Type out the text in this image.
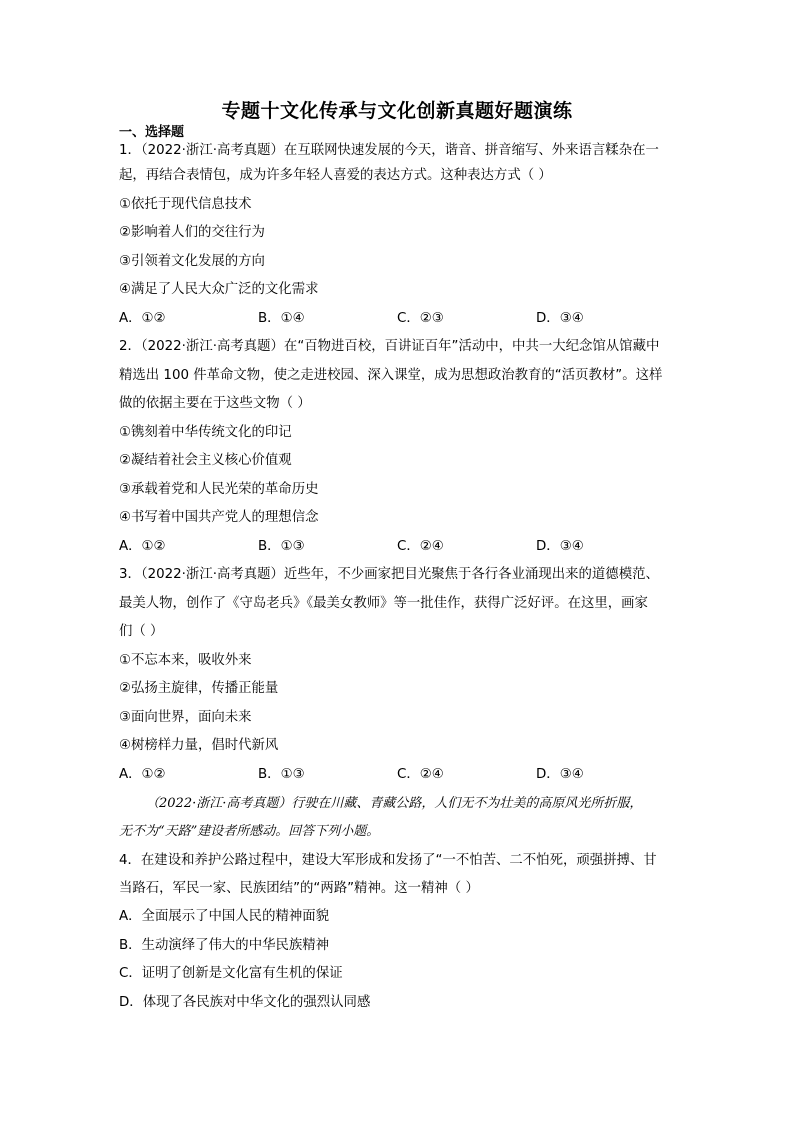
专题十文化传承与文化创新真题好题演练
一、选择题
1．（2022·浙江·高考真题）在互联网快速发展的今天，谐音、拼音缩写、外来语言糅杂在一
起，再结合表情包，成为许多年轻人喜爱的表达方式。这种表达方式（ ）
①依托于现代信息技术
②影响着人们的交往行为
③引领着文化发展的方向
④满足了人民大众广泛的文化需求
A．①②	B．①④	C．②③	D．③④
2．（2022·浙江·高考真题）在“百物进百校，百讲证百年”活动中，中共一大纪念馆从馆藏中
精选出 100 件革命文物，使之走进校园、深入课堂，成为思想政治教育的“活页教材”。这样
做的依据主要在于这些文物（ ）
①镌刻着中华传统文化的印记
②凝结着社会主义核心价值观
③承载着党和人民光荣的革命历史
④书写着中国共产党人的理想信念
A．①②	B．①③	C．②④	D．③④
3．（2022·浙江·高考真题）近些年，不少画家把目光聚焦于各行各业涌现出来的道德模范、
最美人物，创作了《守岛老兵》《最美女教师》等一批佳作，获得广泛好评。在这里，画家
们（ ）
①不忘本来，吸收外来
②弘扬主旋律，传播正能量
③面向世界，面向未来
④树榜样力量，倡时代新风
A．①②	B．①③	C．②④	D．③④
（2022·浙江·高考真题）行驶在川藏、青藏公路，人们无不为壮美的高原风光所折服，
无不为“天路”建设者所感动。回答下列小题。
4．在建设和养护公路过程中，建设大军形成和发扬了“一不怕苦、二不怕死，顽强拼搏、甘
当路石，军民一家、民族团结”的“两路”精神。这一精神（ ）
A．全面展示了中国人民的精神面貌
B．生动演绎了伟大的中华民族精神
C．证明了创新是文化富有生机的保证
D．体现了各民族对中华文化的强烈认同感
